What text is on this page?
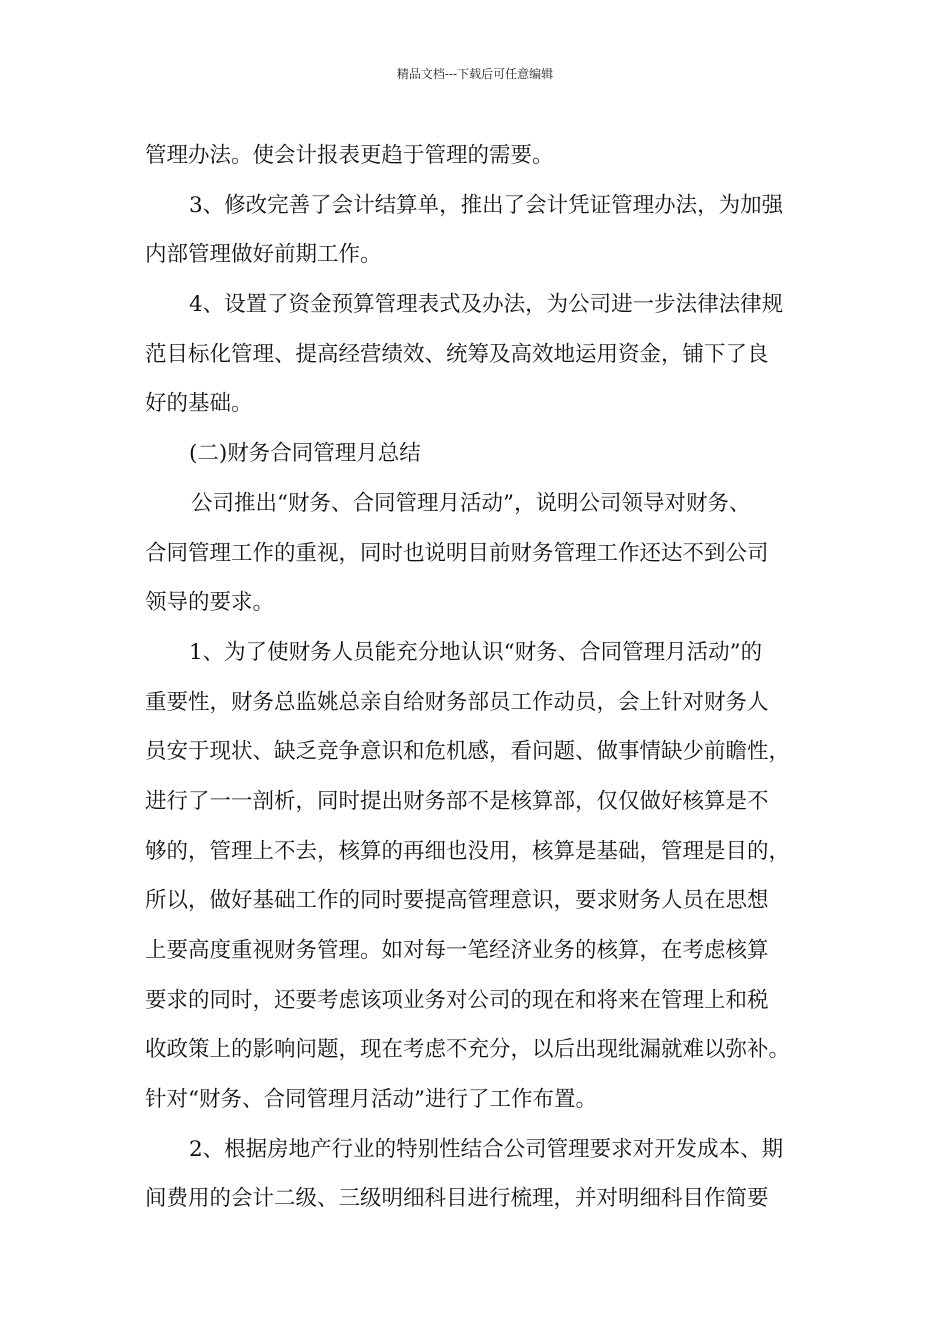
精品文档---下载后可任意编辑
管理办法。使会计报表更趋于管理的需要。
3、修改完善了会计结算单，推出了会计凭证管理办法，为加强
内部管理做好前期工作。
4、设置了资金预算管理表式及办法，为公司进一步法律法律规
范目标化管理、提高经营绩效、统筹及高效地运用资金，铺下了良
好的基础。
(二)财务合同管理月总结
公司推出“财务、合同管理月活动”，说明公司领导对财务、
合同管理工作的重视，同时也说明目前财务管理工作还达不到公司
领导的要求。
1、为了使财务人员能充分地认识“财务、合同管理月活动”的
重要性，财务总监姚总亲自给财务部员工作动员，会上针对财务人
员安于现状、缺乏竞争意识和危机感，看问题、做事情缺少前瞻性，
进行了一一剖析，同时提出财务部不是核算部，仅仅做好核算是不
够的，管理上不去，核算的再细也没用，核算是基础，管理是目的，
所以，做好基础工作的同时要提高管理意识，要求财务人员在思想
上要高度重视财务管理。如对每一笔经济业务的核算，在考虑核算
要求的同时，还要考虑该项业务对公司的现在和将来在管理上和税
收政策上的影响问题，现在考虑不充分，以后出现纰漏就难以弥补。
针对“财务、合同管理月活动”进行了工作布置。
2、根据房地产行业的特别性结合公司管理要求对开发成本、期
间费用的会计二级、三级明细科目进行梳理，并对明细科目作简要
